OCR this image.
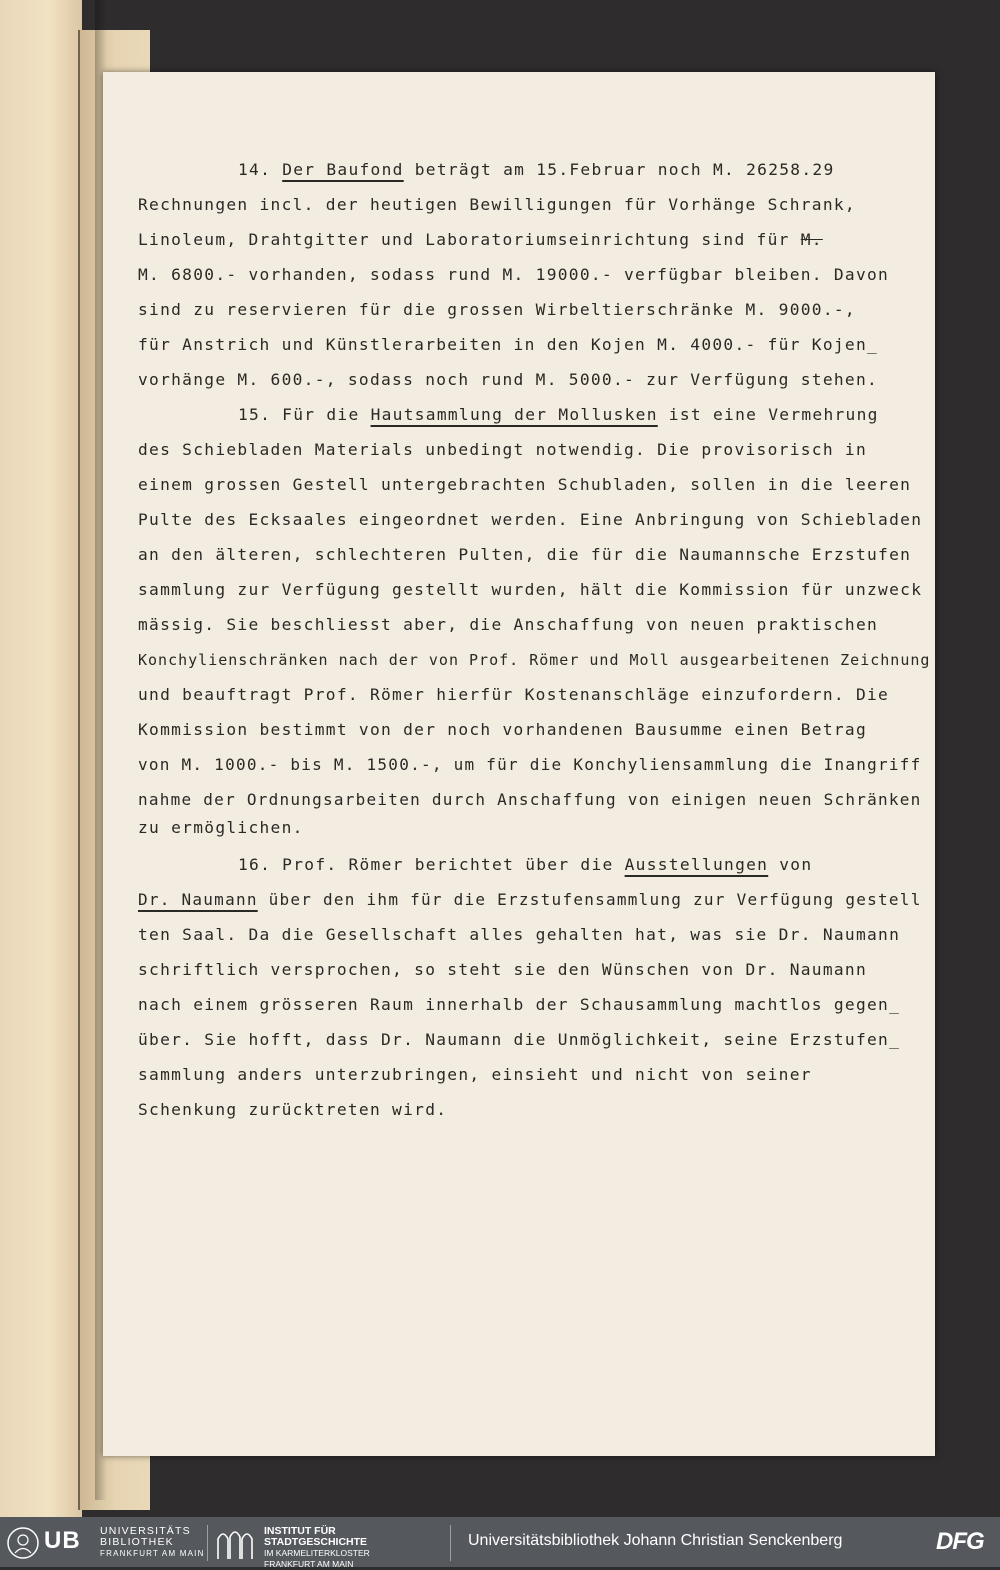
14. Der Baufond beträgt am 15.Februar noch M. 26258.29
Rechnungen incl. der heutigen Bewilligungen für Vorhänge Schrank,
Linoleum, Drahtgitter und Laboratoriumseinrichtung sind für M.
M. 6800.- vorhanden, sodass rund M. 19000.- verfügbar bleiben. Davon
sind zu reservieren für die grossen Wirbeltierschränke M. 9000.-,
für Anstrich und Künstlerarbeiten in den Kojen M. 4000.- für Kojen_
vorhänge M. 600.-, sodass noch rund M. 5000.- zur Verfügung stehen.
15. Für die Hautsammlung der Mollusken ist eine Vermehrung
des Schiebladen Materials unbedingt notwendig. Die provisorisch in
einem grossen Gestell untergebrachten Schubladen, sollen in die leeren
Pulte des Ecksaales eingeordnet werden. Eine Anbringung von Schiebladen
an den älteren, schlechteren Pulten, die für die Naumannsche Erzstufen
sammlung zur Verfügung gestellt wurden, hält die Kommission für unzweck
mässig. Sie beschliesst aber, die Anschaffung von neuen praktischen
Konchylienschränken nach der von Prof. Römer und Moll ausgearbeitenen Zeichnung
und beauftragt Prof. Römer hierfür Kostenanschläge einzufordern. Die
Kommission bestimmt von der noch vorhandenen Bausumme einen Betrag
von M. 1000.- bis M. 1500.-, um für die Konchyliensammlung die Inangriff
nahme der Ordnungsarbeiten durch Anschaffung von einigen neuen Schränken
zu ermöglichen.
16. Prof. Römer berichtet über die Ausstellungen von
Dr. Naumann über den ihm für die Erzstufensammlung zur Verfügung gestell
ten Saal. Da die Gesellschaft alles gehalten hat, was sie Dr. Naumann
schriftlich versprochen, so steht sie den Wünschen von Dr. Naumann
nach einem grösseren Raum innerhalb der Schausammlung machtlos gegen_
über. Sie hofft, dass Dr. Naumann die Unmöglichkeit, seine Erzstufen_
sammlung anders unterzubringen, einsieht und nicht von seiner
Schenkung zurücktreten wird.
UB UNIVERSITÄTS
BIBLIOTHEK
FRANKFURT AM MAIN
INSTITUT FÜR
STADTGESCHICHTE
IM KARMELITERKLOSTER
FRANKFURT AM MAIN
Universitätsbibliothek Johann Christian Senckenberg	DFG
